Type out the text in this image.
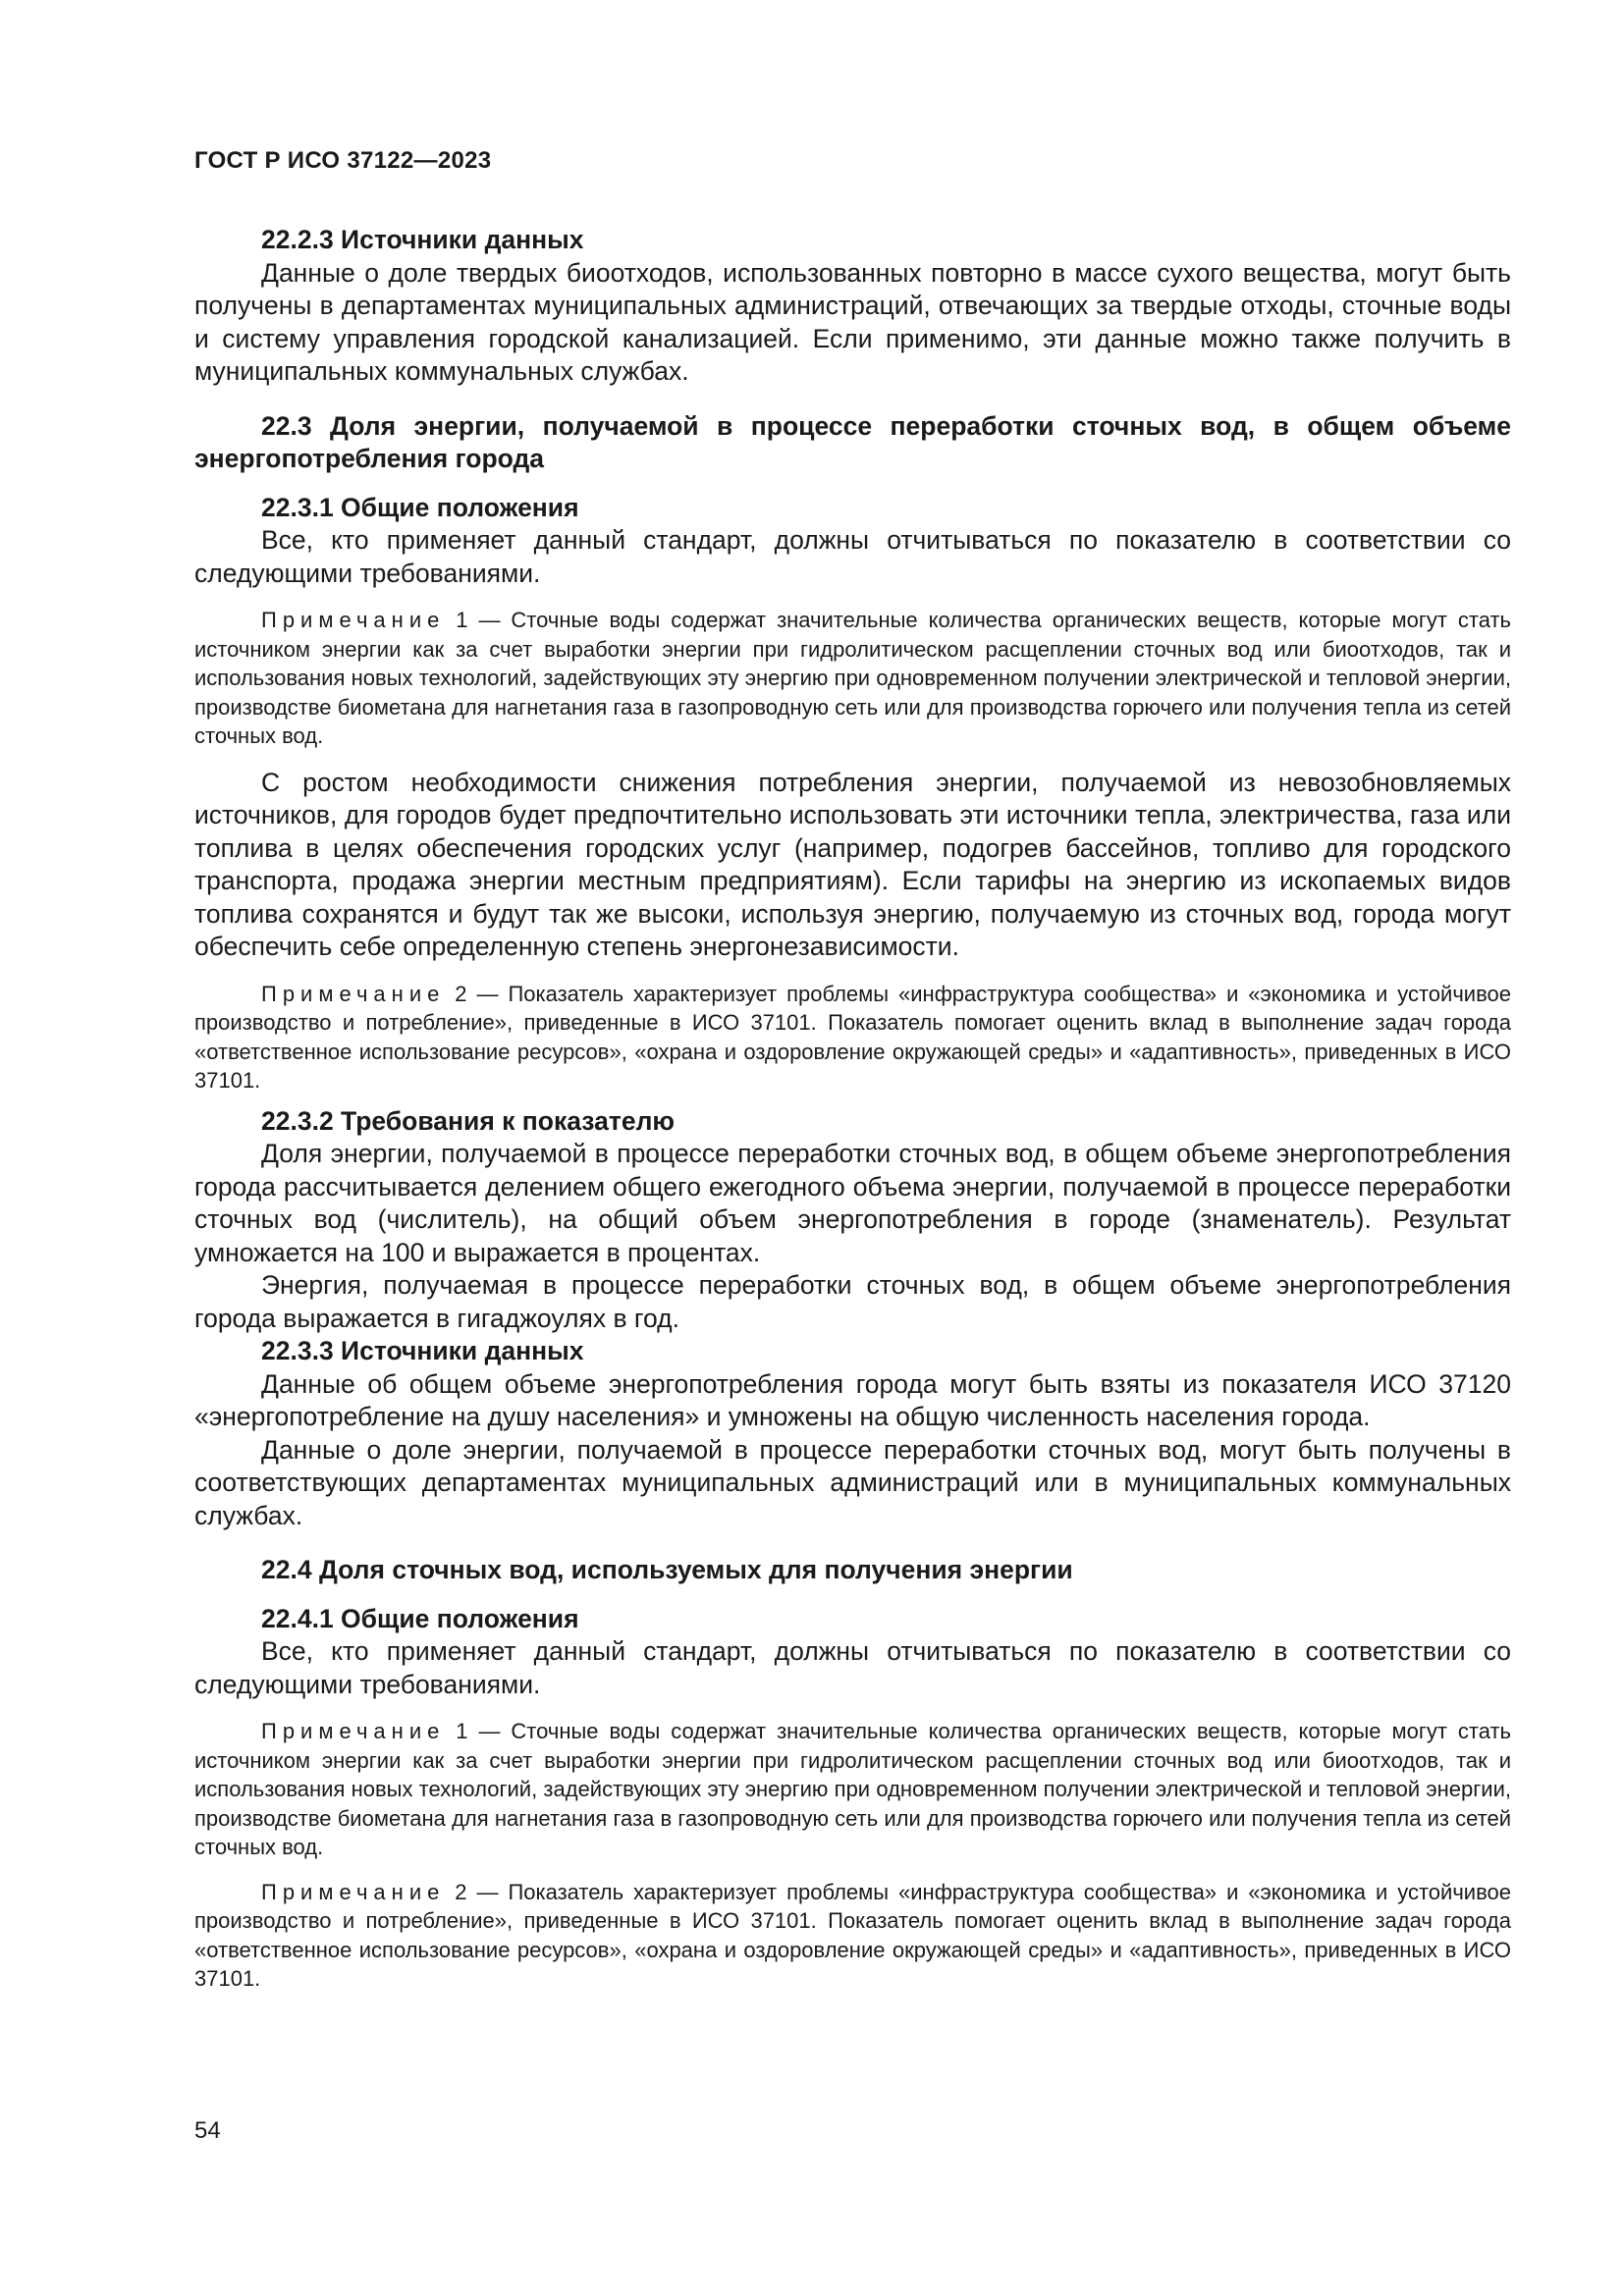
ГОСТ Р ИСО 37122—2023

22.2.3 Источники данных

Данные о доле твердых биоотходов, использованных повторно в массе сухого вещества, могут быть получены в департаментах муниципальных администраций, отвечающих за твердые отходы, сточные воды и систему управления городской канализацией. Если применимо, эти данные можно также получить в муниципальных коммунальных службах.

22.3 Доля энергии, получаемой в процессе переработки сточных вод, в общем объеме энергопотребления города

22.3.1 Общие положения

Все, кто применяет данный стандарт, должны отчитываться по показателю в соответствии со следующими требованиями.

Примечание 1 — Сточные воды содержат значительные количества органических веществ, которые могут стать источником энергии как за счет выработки энергии при гидролитическом расщеплении сточных вод или биоотходов, так и использования новых технологий, задействующих эту энергию при одновременном получении электрической и тепловой энергии, производстве биометана для нагнетания газа в газопроводную сеть или для производства горючего или получения тепла из сетей сточных вод.

С ростом необходимости снижения потребления энергии, получаемой из невозобновляемых источников, для городов будет предпочтительно использовать эти источники тепла, электричества, газа или топлива в целях обеспечения городских услуг (например, подогрев бассейнов, топливо для городского транспорта, продажа энергии местным предприятиям). Если тарифы на энергию из ископаемых видов топлива сохранятся и будут так же высоки, используя энергию, получаемую из сточных вод, города могут обеспечить себе определенную степень энергонезависимости.

Примечание 2 — Показатель характеризует проблемы «инфраструктура сообщества» и «экономика и устойчивое производство и потребление», приведенные в ИСО 37101. Показатель помогает оценить вклад в выполнение задач города «ответственное использование ресурсов», «охрана и оздоровление окружающей среды» и «адаптивность», приведенных в ИСО 37101.

22.3.2 Требования к показателю

Доля энергии, получаемой в процессе переработки сточных вод, в общем объеме энергопотребления города рассчитывается делением общего ежегодного объема энергии, получаемой в процессе переработки сточных вод (числитель), на общий объем энергопотребления в городе (знаменатель). Результат умножается на 100 и выражается в процентах.

Энергия, получаемая в процессе переработки сточных вод, в общем объеме энергопотребления города выражается в гигаджоулях в год.

22.3.3 Источники данных

Данные об общем объеме энергопотребления города могут быть взяты из показателя ИСО 37120 «энергопотребление на душу населения» и умножены на общую численность населения города.

Данные о доле энергии, получаемой в процессе переработки сточных вод, могут быть получены в соответствующих департаментах муниципальных администраций или в муниципальных коммунальных службах.

22.4 Доля сточных вод, используемых для получения энергии

22.4.1 Общие положения

Все, кто применяет данный стандарт, должны отчитываться по показателю в соответствии со следующими требованиями.

Примечание 1 — Сточные воды содержат значительные количества органических веществ, которые могут стать источником энергии как за счет выработки энергии при гидролитическом расщеплении сточных вод или биоотходов, так и использования новых технологий, задействующих эту энергию при одновременном получении электрической и тепловой энергии, производстве биометана для нагнетания газа в газопроводную сеть или для производства горючего или получения тепла из сетей сточных вод.

Примечание 2 — Показатель характеризует проблемы «инфраструктура сообщества» и «экономика и устойчивое производство и потребление», приведенные в ИСО 37101. Показатель помогает оценить вклад в выполнение задач города «ответственное использование ресурсов», «охрана и оздоровление окружающей среды» и «адаптивность», приведенных в ИСО 37101.

54
